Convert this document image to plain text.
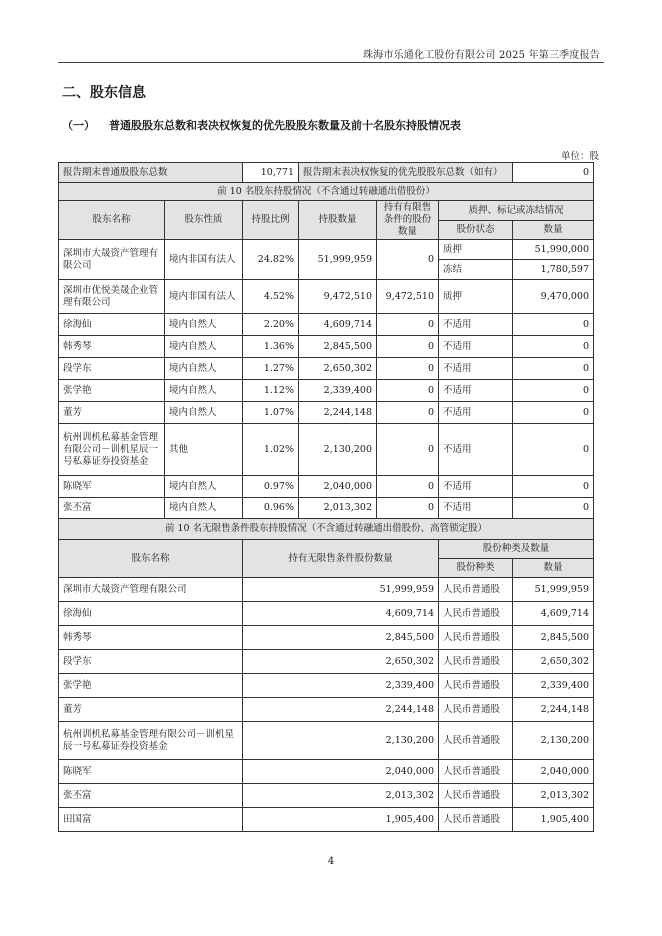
珠海市乐通化工股份有限公司 2025 年第三季度报告
二、股东信息
（一） 普通股股东总数和表决权恢复的优先股股东数量及前十名股东持股情况表
单位：股
报告期末普通股股东总数		10,771	报告期末表决权恢复的优先股股东总数（如有）			0
前 10 名股东持股情况（不含通过转融通出借股份）						
股东名称	股东性质	持股比例	持股数量	持有有限售条件的股份数量	质押、标记或冻结情况	
					股份状态	数量
深圳市大晟资产管理有限公司	境内非国有法人	24.82%	51,999,959	0	质押	51,990,000
					冻结	1,780,597
深圳市优悦美晟企业管理有限公司	境内非国有法人	4.52%	9,472,510	9,472,510	质押	9,470,000
徐海仙	境内自然人	2.20%	4,609,714	0	不适用	0
韩秀琴	境内自然人	1.36%	2,845,500	0	不适用	0
段学东	境内自然人	1.27%	2,650,302	0	不适用	0
张学艳	境内自然人	1.12%	2,339,400	0	不适用	0
董芳	境内自然人	1.07%	2,244,148	0	不适用	0
杭州训机私募基金管理有限公司－训机星辰一号私募证券投资基金	其他	1.02%	2,130,200	0	不适用	0
陈晓军	境内自然人	0.97%	2,040,000	0	不适用	0
张丕富	境内自然人	0.96%	2,013,302	0	不适用	0
前 10 名无限售条件股东持股情况（不含通过转融通出借股份、高管锁定股）			
股东名称	持有无限售条件股份数量	股份种类及数量	
		股份种类	数量
深圳市大晟资产管理有限公司	51,999,959	人民币普通股	51,999,959
徐海仙	4,609,714	人民币普通股	4,609,714
韩秀琴	2,845,500	人民币普通股	2,845,500
段学东	2,650,302	人民币普通股	2,650,302
张学艳	2,339,400	人民币普通股	2,339,400
董芳	2,244,148	人民币普通股	2,244,148
杭州训机私募基金管理有限公司－训机星辰一号私募证券投资基金	2,130,200	人民币普通股	2,130,200
陈晓军	2,040,000	人民币普通股	2,040,000
张丕富	2,013,302	人民币普通股	2,013,302
田国富	1,905,400	人民币普通股	1,905,400
4
